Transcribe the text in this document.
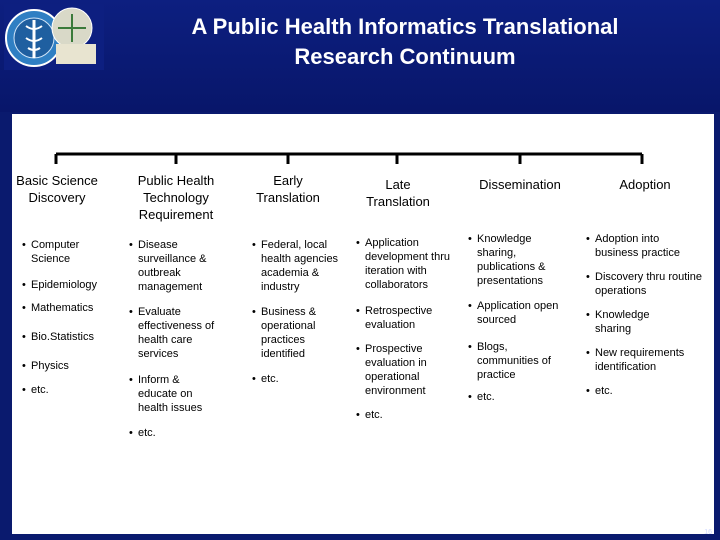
A Public Health Informatics Translational
Research Continuum
Basic Science Discovery
Public Health Technology Requirement
Early Translation
Late Translation
Dissemination	Adoption
• Computer Science
• Epidemiology
• Mathematics
• Bio.Statistics
• Physics
• etc.
• Disease surveillance & outbreak management
• Evaluate effectiveness of health care services
• Inform & educate on health issues
• etc.
• Federal, local health agencies academia & industry
• Business & operational practices identified
• etc.
• Application development thru iteration with collaborators
• Retrospective evaluation
• Prospective evaluation in operational environment
• etc.
• Knowledge sharing, publications & presentations
• Application open sourced
• Blogs, communities of practice
• etc.
• Adoption into business practice
• Discovery thru routine operations
• Knowledge sharing
• New requirements identification
• etc.
16
